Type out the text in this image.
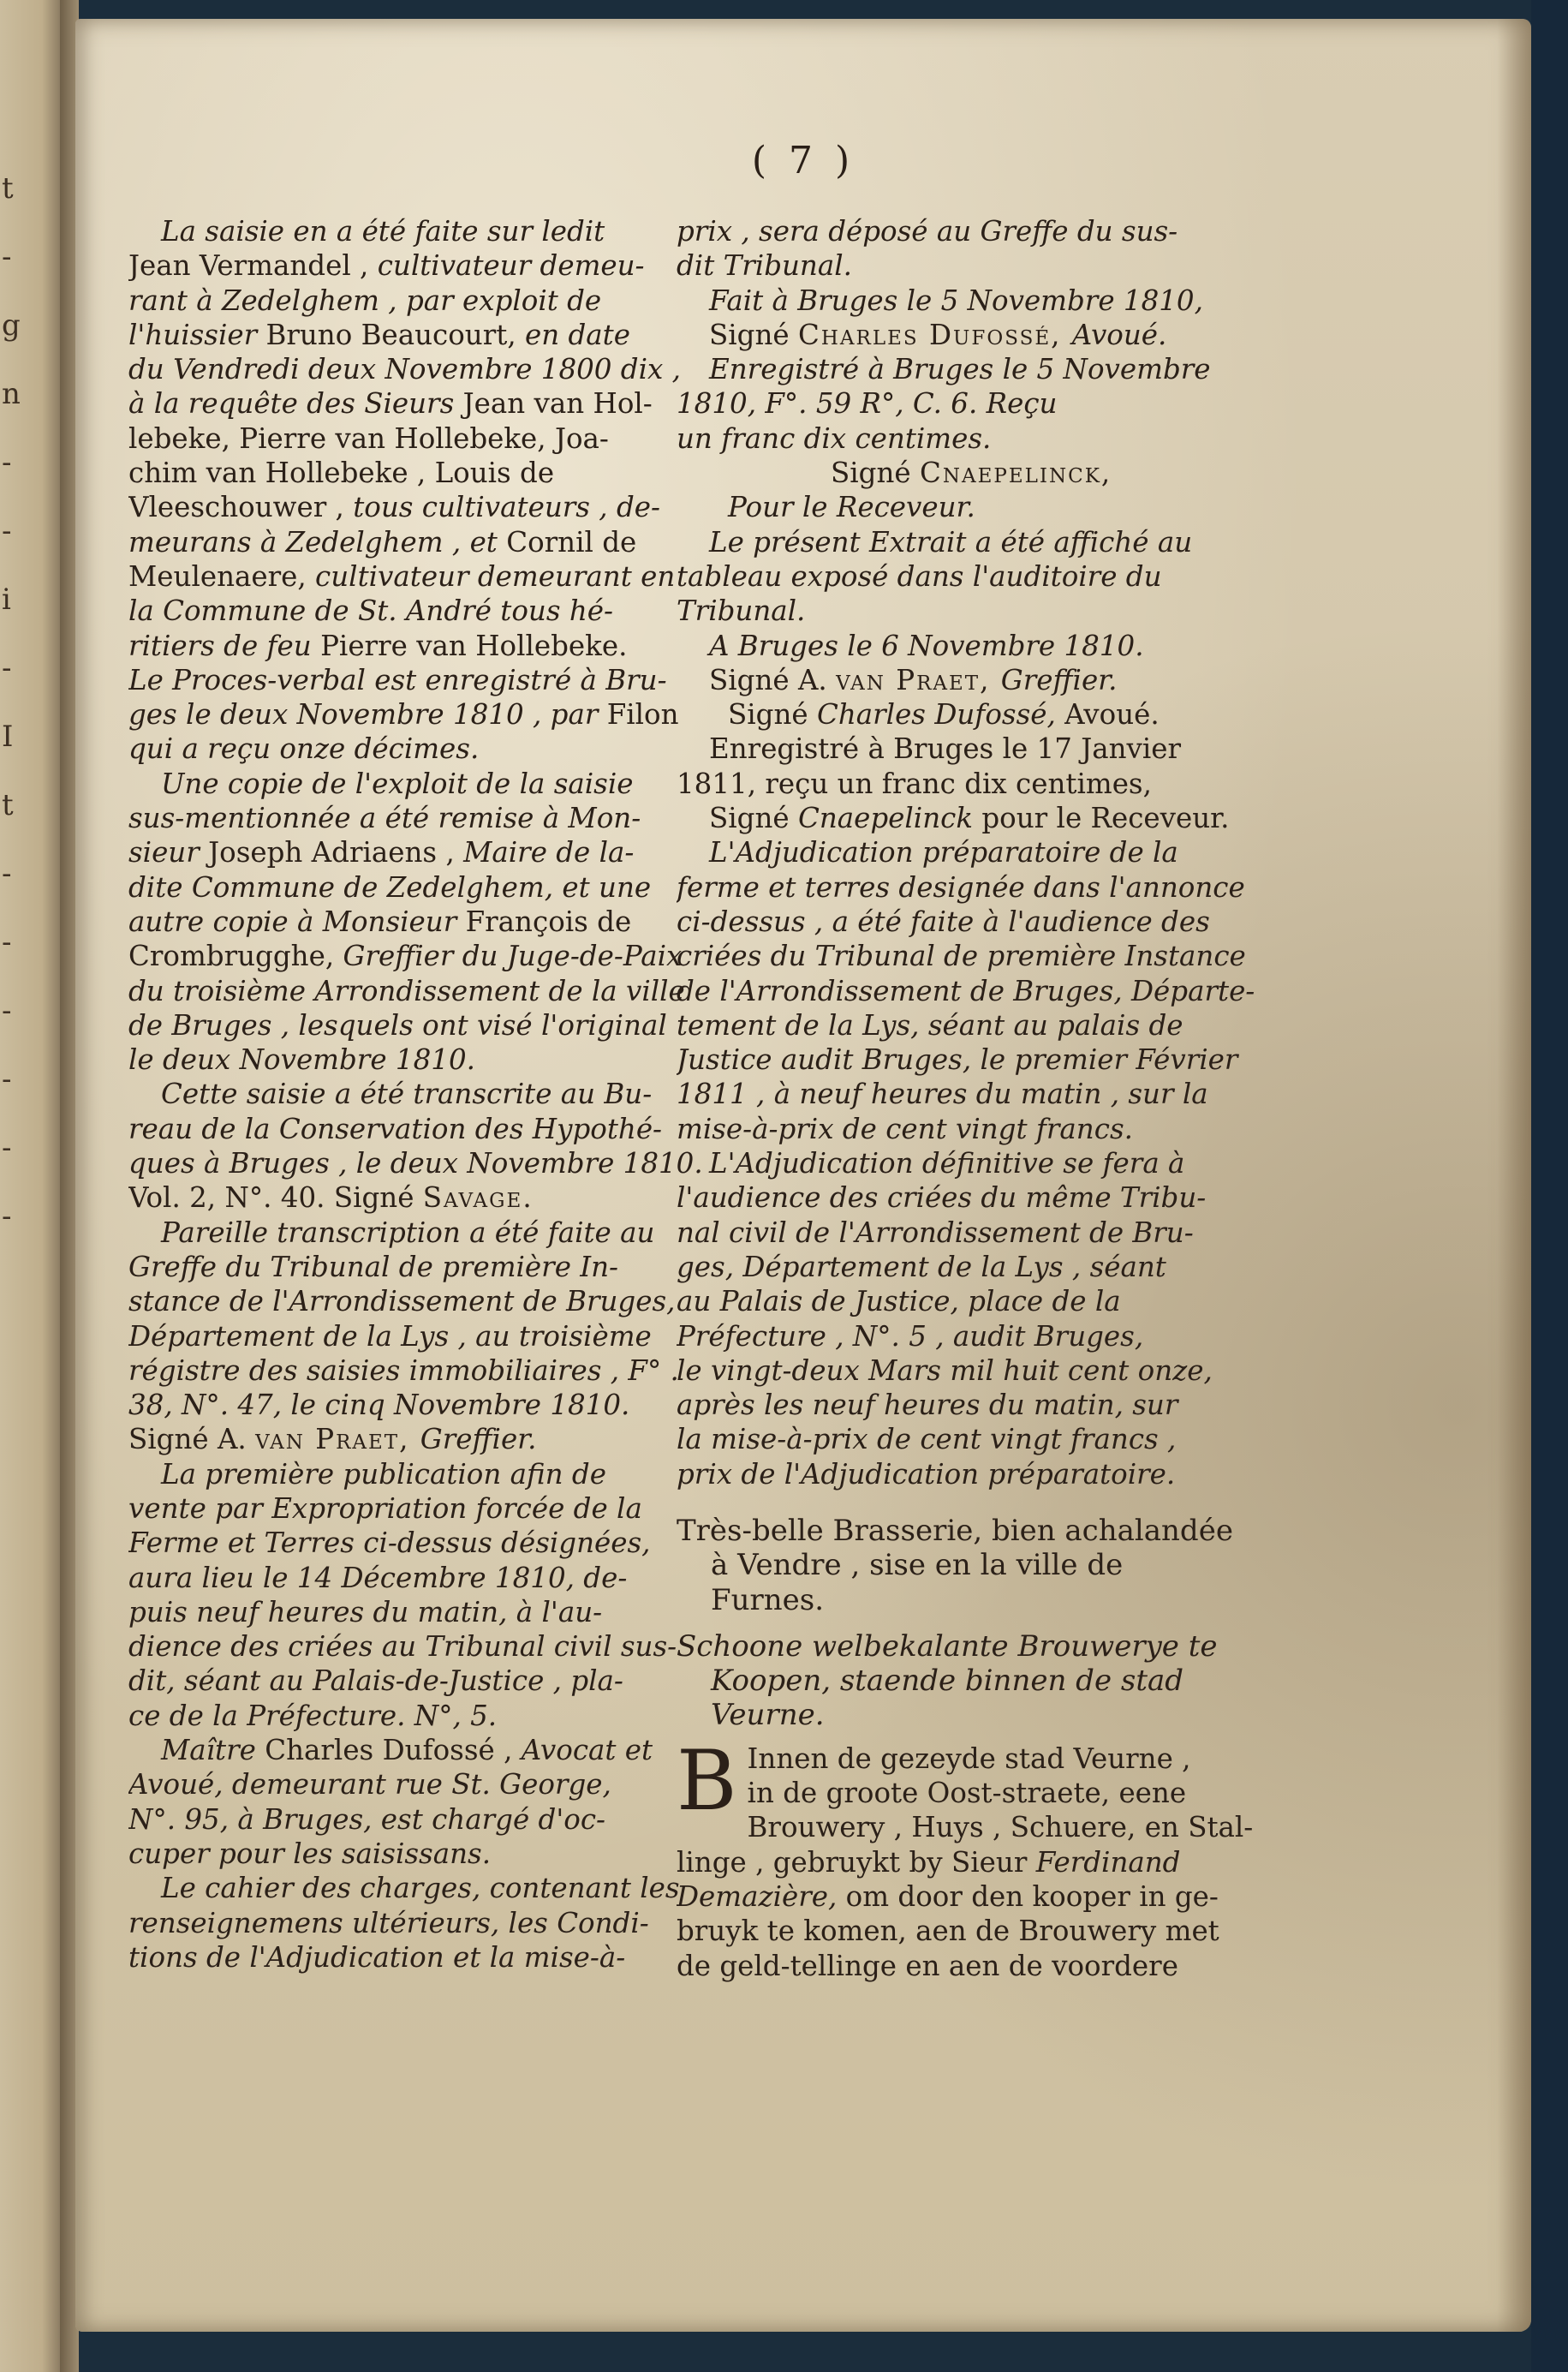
t
-
g
n
-
-
i
-
I
t
-
-
-
-
-
-
( 7 )
La saisie en a été faite sur ledit
Jean Vermandel , cultivateur demeu-
rant à Zedelghem , par exploit de
l'huissier Bruno Beaucourt, en date
du Vendredi deux Novembre 1800 dix ,
à la requête des Sieurs Jean van Hol-
lebeke, Pierre van Hollebeke, Joa-
chim van Hollebeke , Louis de
Vleeschouwer , tous cultivateurs , de-
meurans à Zedelghem , et Cornil de
Meulenaere, cultivateur demeurant en
la Commune de St. André tous hé-
ritiers de feu Pierre van Hollebeke.
Le Proces-verbal est enregistré à Bru-
ges le deux Novembre 1810 , par Filon
qui a reçu onze décimes.
Une copie de l'exploit de la saisie
sus-mentionnée a été remise à Mon-
sieur Joseph Adriaens , Maire de la-
dite Commune de Zedelghem, et une
autre copie à Monsieur François de
Crombrugghe, Greffier du Juge-de-Paix
du troisième Arrondissement de la ville
de Bruges , lesquels ont visé l'original
le deux Novembre 1810.
Cette saisie a été transcrite au Bu-
reau de la Conservation des Hypothé-
ques à Bruges , le deux Novembre 1810.
Vol. 2, N°. 40. Signé Savage.
Pareille transcription a été faite au
Greffe du Tribunal de première In-
stance de l'Arrondissement de Bruges,
Département de la Lys , au troisième
régistre des saisies immobiliaires , F° .
38, N°. 47, le cinq Novembre 1810.
Signé A. van Praet, Greffier.
La première publication afin de
vente par Expropriation forcée de la
Ferme et Terres ci-dessus désignées,
aura lieu le 14 Décembre 1810, de-
puis neuf heures du matin, à l'au-
dience des criées au Tribunal civil sus-
dit, séant au Palais-de-Justice , pla-
ce de la Préfecture. N°, 5.
Maître Charles Dufossé , Avocat et
Avoué, demeurant rue St. George,
N°. 95, à Bruges, est chargé d'oc-
cuper pour les saisissans.
Le cahier des charges, contenant les
renseignemens ultérieurs, les Condi-
tions de l'Adjudication et la mise-à-
prix , sera déposé au Greffe du sus-
dit Tribunal.
Fait à Bruges le 5 Novembre 1810,
Signé Charles Dufossé, Avoué.
Enregistré à Bruges le 5 Novembre
1810, F°. 59 R°, C. 6. Reçu
un franc dix centimes.
Signé Cnaepelinck,
Pour le Receveur.
Le présent Extrait a été affiché au
tableau exposé dans l'auditoire du
Tribunal.
A Bruges le 6 Novembre 1810.
Signé A. van Praet, Greffier.
Signé Charles Dufossé, Avoué.
Enregistré à Bruges le 17 Janvier
1811, reçu un franc dix centimes,
Signé Cnaepelinck pour le Receveur.
L'Adjudication préparatoire de la
ferme et terres designée dans l'annonce
ci-dessus , a été faite à l'audience des
criées du Tribunal de première Instance
de l'Arrondissement de Bruges, Départe-
tement de la Lys, séant au palais de
Justice audit Bruges, le premier Février
1811 , à neuf heures du matin , sur la
mise-à-prix de cent vingt francs.
L'Adjudication définitive se fera à
l'audience des criées du même Tribu-
nal civil de l'Arrondissement de Bru-
ges, Département de la Lys , séant
au Palais de Justice, place de la
Préfecture , N°. 5 , audit Bruges,
le vingt-deux Mars mil huit cent onze,
après les neuf heures du matin, sur
la mise-à-prix de cent vingt francs ,
prix de l'Adjudication préparatoire.
Très-belle Brasserie, bien achalandée
à Vendre , sise en la ville de
Furnes.
Schoone welbekalante Brouwerye te
Koopen, staende binnen de stad
Veurne.
B Innen de gezeyde stad Veurne ,
in de groote Oost-straete, eene
Brouwery , Huys , Schuere, en Stal-
linge , gebruykt by Sieur Ferdinand
Demazière, om door den kooper in ge-
bruyk te komen, aen de Brouwery met
de geld-tellinge en aen de voordere
